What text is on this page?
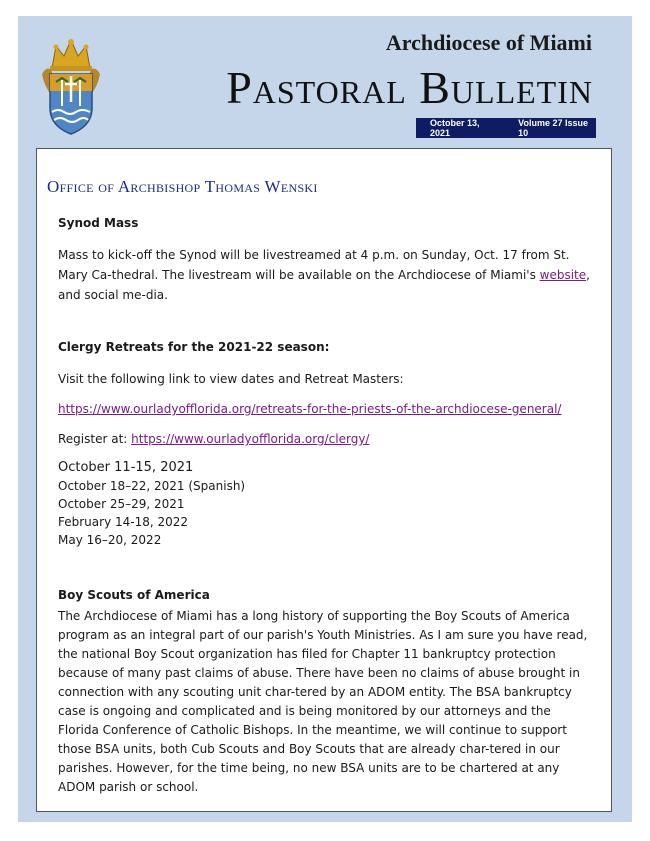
Archdiocese of Miami
Pastoral Bulletin
October 13, 2021
Volume 27 Issue 10
Office of Archbishop Thomas Wenski

Synod Mass

Mass to kick-off the Synod will be livestreamed at 4 p.m. on Sunday, Oct. 17 from St. Mary Ca-thedral. The livestream will be available on the Archdiocese of Miami's website, and social me-dia.

Clergy Retreats for the 2021-22 season:

Visit the following link to view dates and Retreat Masters:

https://www.ourladyofflorida.org/retreats-for-the-priests-of-the-archdiocese-general/

Register at: https://www.ourladyofflorida.org/clergy/

October 11-15, 2021
October 18–22, 2021 (Spanish)
October 25–29, 2021
February 14-18, 2022
May 16–20, 2022

Boy Scouts of America

The Archdiocese of Miami has a long history of supporting the Boy Scouts of America program as an integral part of our parish's Youth Ministries. As I am sure you have read, the national Boy Scout organization has filed for Chapter 11 bankruptcy protection because of many past claims of abuse. There have been no claims of abuse brought in connection with any scouting unit char-tered by an ADOM entity. The BSA bankruptcy case is ongoing and complicated and is being monitored by our attorneys and the Florida Conference of Catholic Bishops. In the meantime, we will continue to support those BSA units, both Cub Scouts and Boy Scouts that are already char-tered in our parishes. However, for the time being, no new BSA units are to be chartered at any ADOM parish or school.
